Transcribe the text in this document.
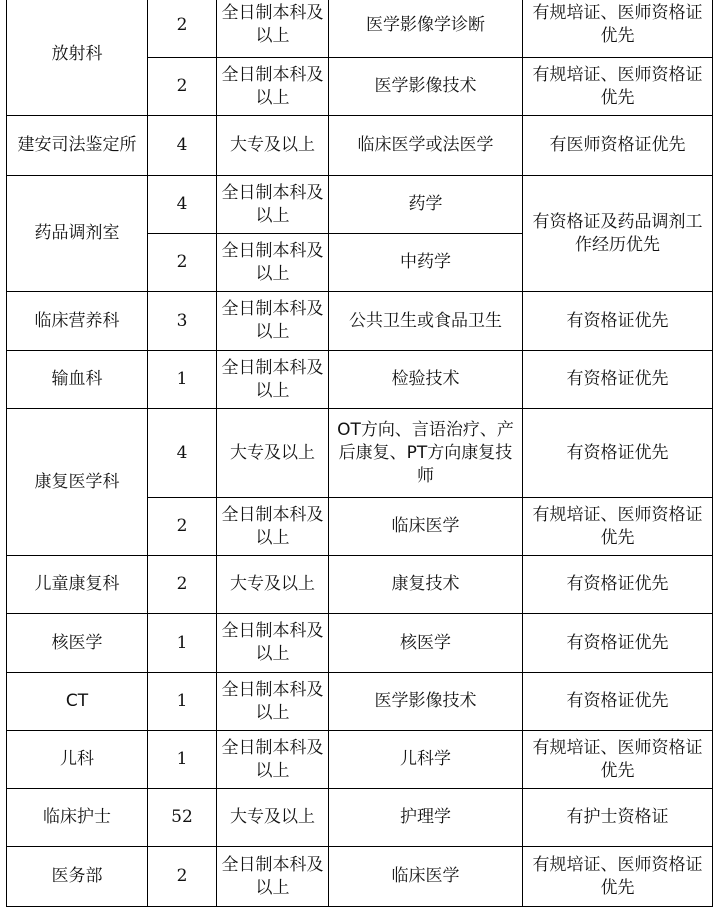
放射科	2	全日制本科及以上	医学影像学诊断	有规培证、医师资格证优先
	2	全日制本科及以上	医学影像技术	有规培证、医师资格证优先
建安司法鉴定所	4	大专及以上	临床医学或法医学	有医师资格证优先
药品调剂室	4	全日制本科及以上	药学	有资格证及药品调剂工作经历优先
	2	全日制本科及以上	中药学	
临床营养科	3	全日制本科及以上	公共卫生或食品卫生	有资格证优先
输血科	1	全日制本科及以上	检验技术	有资格证优先
康复医学科	4	大专及以上	OT方向、言语治疗、产后康复、PT方向康复技师	有资格证优先
	2	全日制本科及以上	临床医学	有规培证、医师资格证优先
儿童康复科	2	大专及以上	康复技术	有资格证优先
核医学	1	全日制本科及以上	核医学	有资格证优先
CT	1	全日制本科及以上	医学影像技术	有资格证优先
儿科	1	全日制本科及以上	儿科学	有规培证、医师资格证优先
临床护士	52	大专及以上	护理学	有护士资格证
医务部	2	全日制本科及以上	临床医学	有规培证、医师资格证优先
